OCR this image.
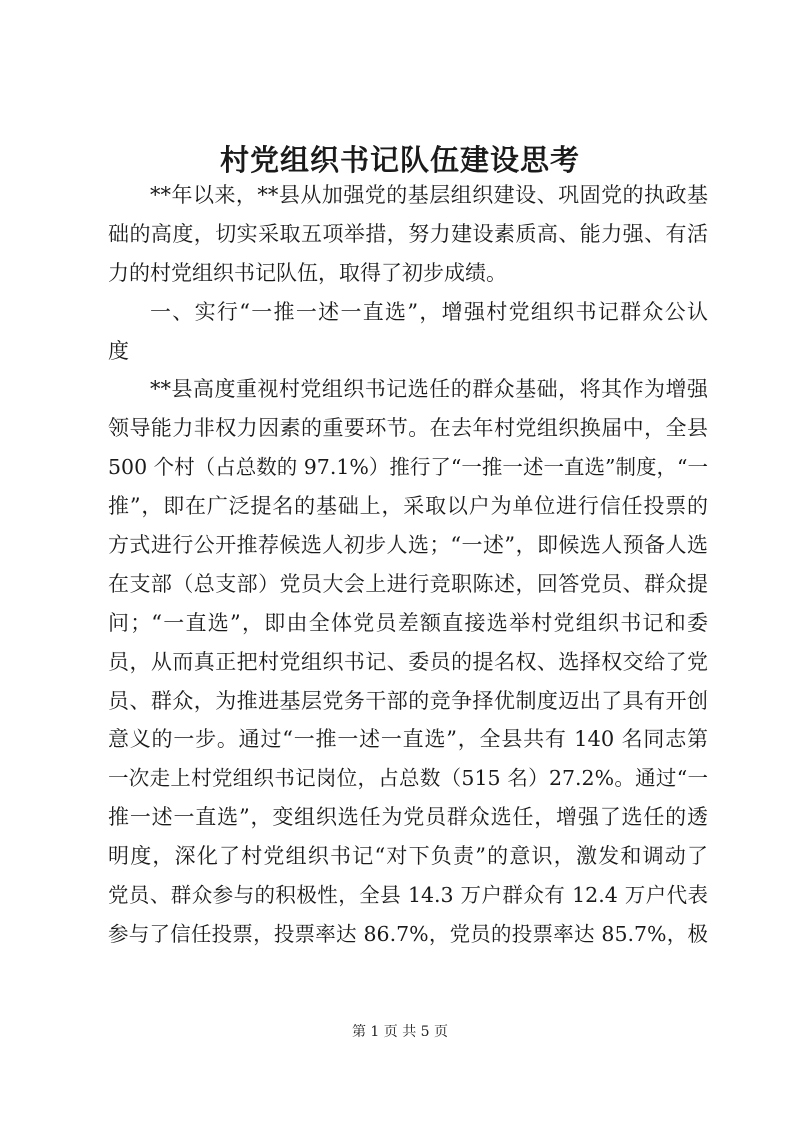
村党组织书记队伍建设思考
**年以来，**县从加强党的基层组织建设、巩固党的执政基
础的高度，切实采取五项举措，努力建设素质高、能力强、有活
力的村党组织书记队伍，取得了初步成绩。
一、实行“一推一述一直选”，增强村党组织书记群众公认
度
**县高度重视村党组织书记选任的群众基础，将其作为增强
领导能力非权力因素的重要环节。在去年村党组织换届中，全县
500 个村（占总数的 97.1%）推行了“一推一述一直选”制度，“一
推”，即在广泛提名的基础上，采取以户为单位进行信任投票的
方式进行公开推荐候选人初步人选；“一述”，即候选人预备人选
在支部（总支部）党员大会上进行竞职陈述，回答党员、群众提
问；“一直选”，即由全体党员差额直接选举村党组织书记和委
员，从而真正把村党组织书记、委员的提名权、选择权交给了党
员、群众，为推进基层党务干部的竞争择优制度迈出了具有开创
意义的一步。通过“一推一述一直选”，全县共有 140 名同志第
一次走上村党组织书记岗位，占总数（515 名）27.2%。通过“一
推一述一直选”，变组织选任为党员群众选任，增强了选任的透
明度，深化了村党组织书记“对下负责”的意识，激发和调动了
党员、群众参与的积极性，全县 14.3 万户群众有 12.4 万户代表
参与了信任投票，投票率达 86.7%，党员的投票率达 85.7%，极
第 1 页 共 5 页
